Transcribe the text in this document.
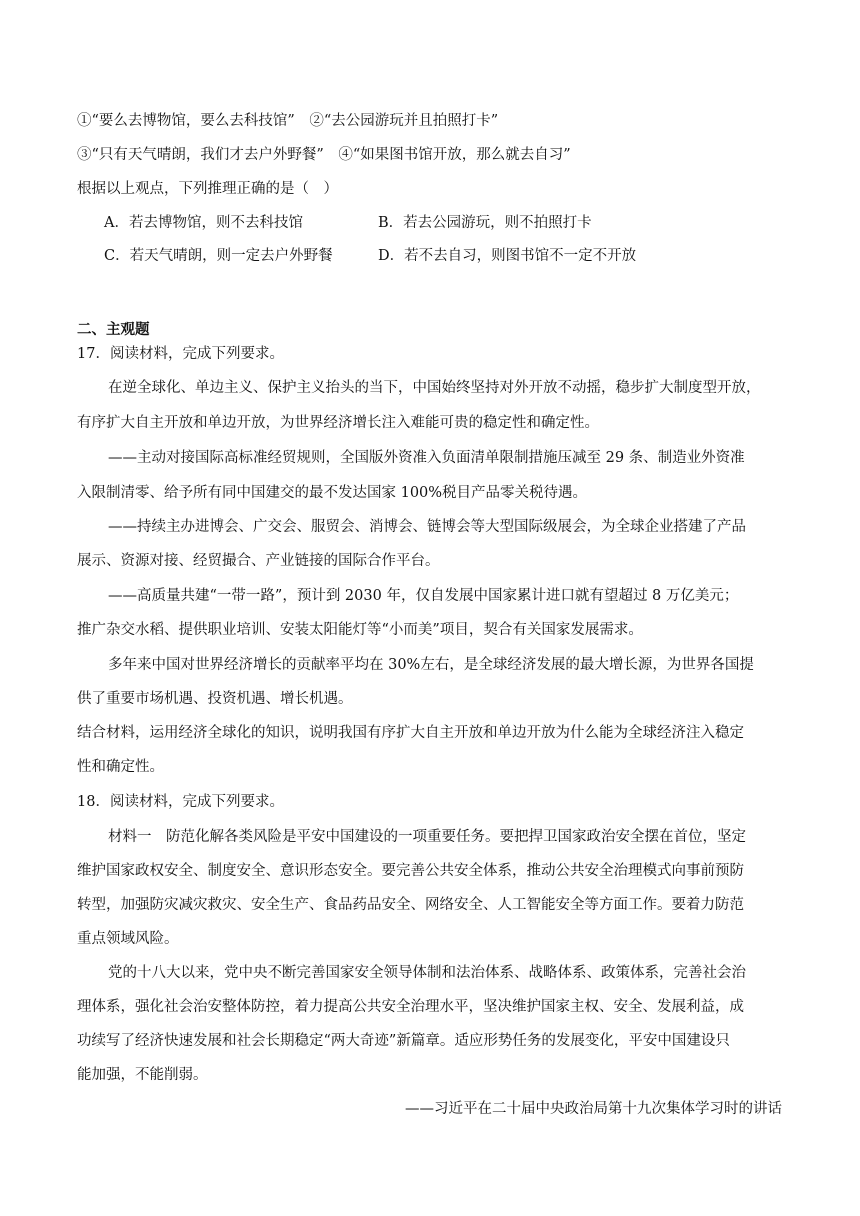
①“要么去博物馆，要么去科技馆”　②“去公园游玩并且拍照打卡”
③“只有天气晴朗，我们才去户外野餐”　④“如果图书馆开放，那么就去自习”
根据以上观点，下列推理正确的是（　）
A．若去博物馆，则不去科技馆	B．若去公园游玩，则不拍照打卡
C．若天气晴朗，则一定去户外野餐	D．若不去自习，则图书馆不一定不开放
二、主观题
17．阅读材料，完成下列要求。
在逆全球化、单边主义、保护主义抬头的当下，中国始终坚持对外开放不动摇，稳步扩大制度型开放，
有序扩大自主开放和单边开放，为世界经济增长注入难能可贵的稳定性和确定性。
——主动对接国际高标准经贸规则，全国版外资准入负面清单限制措施压减至 29 条、制造业外资准
入限制清零、给予所有同中国建交的最不发达国家 100%税目产品零关税待遇。
——持续主办进博会、广交会、服贸会、消博会、链博会等大型国际级展会，为全球企业搭建了产品
展示、资源对接、经贸撮合、产业链接的国际合作平台。
——高质量共建“一带一路”，预计到 2030 年，仅自发展中国家累计进口就有望超过 8 万亿美元；
推广杂交水稻、提供职业培训、安装太阳能灯等“小而美”项目，契合有关国家发展需求。
多年来中国对世界经济增长的贡献率平均在 30%左右，是全球经济发展的最大增长源，为世界各国提
供了重要市场机遇、投资机遇、增长机遇。
结合材料，运用经济全球化的知识，说明我国有序扩大自主开放和单边开放为什么能为全球经济注入稳定
性和确定性。
18．阅读材料，完成下列要求。
材料一　防范化解各类风险是平安中国建设的一项重要任务。要把捍卫国家政治安全摆在首位，坚定
维护国家政权安全、制度安全、意识形态安全。要完善公共安全体系，推动公共安全治理模式向事前预防
转型，加强防灾减灾救灾、安全生产、食品药品安全、网络安全、人工智能安全等方面工作。要着力防范
重点领域风险。
党的十八大以来，党中央不断完善国家安全领导体制和法治体系、战略体系、政策体系，完善社会治
理体系，强化社会治安整体防控，着力提高公共安全治理水平，坚决维护国家主权、安全、发展利益，成
功续写了经济快速发展和社会长期稳定“两大奇迹”新篇章。适应形势任务的发展变化，平安中国建设只
能加强，不能削弱。
——习近平在二十届中央政治局第十九次集体学习时的讲话
